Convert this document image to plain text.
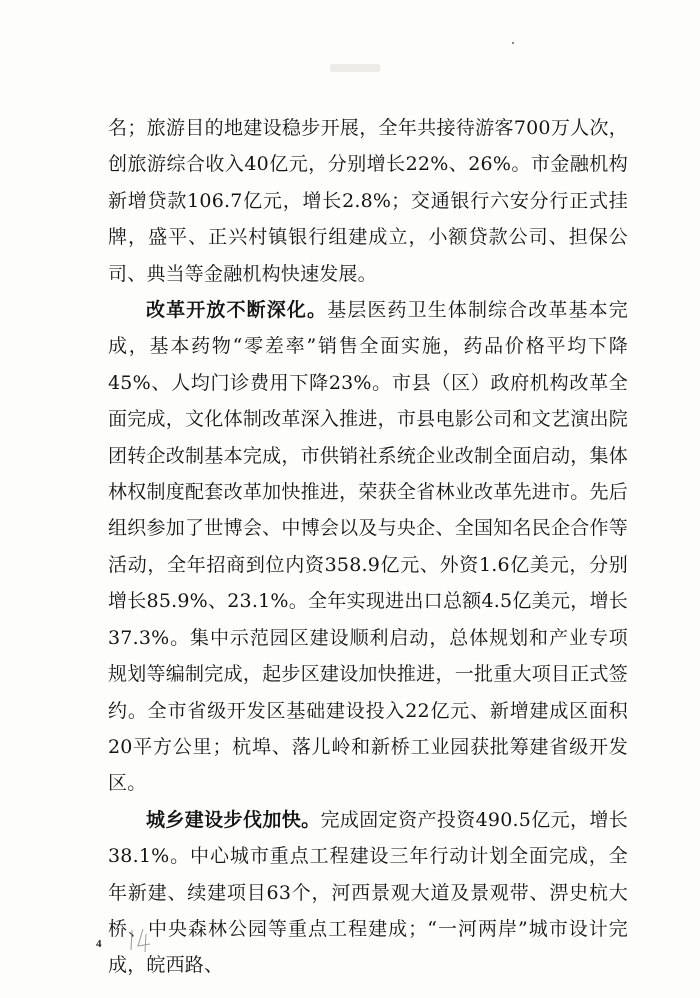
名；旅游目的地建设稳步开展，全年共接待游客700万人次，创旅游综合收入40亿元，分别增长22%、26%。市金融机构新增贷款106.7亿元，增长2.8%；交通银行六安分行正式挂牌，盛平、正兴村镇银行组建成立，小额贷款公司、担保公司、典当等金融机构快速发展。

改革开放不断深化。基层医药卫生体制综合改革基本完成，基本药物“零差率”销售全面实施，药品价格平均下降45%、人均门诊费用下降23%。市县（区）政府机构改革全面完成，文化体制改革深入推进，市县电影公司和文艺演出院团转企改制基本完成，市供销社系统企业改制全面启动，集体林权制度配套改革加快推进，荣获全省林业改革先进市。先后组织参加了世博会、中博会以及与央企、全国知名民企合作等活动，全年招商到位内资358.9亿元、外资1.6亿美元，分别增长85.9%、23.1%。全年实现进出口总额4.5亿美元，增长37.3%。集中示范园区建设顺利启动，总体规划和产业专项规划等编制完成，起步区建设加快推进，一批重大项目正式签约。全市省级开发区基础建设投入22亿元、新增建成区面积20平方公里；杭埠、落儿岭和新桥工业园获批筹建省级开发区。

城乡建设步伐加快。完成固定资产投资490.5亿元，增长38.1%。中心城市重点工程建设三年行动计划全面完成，全年新建、续建项目63个，河西景观大道及景观带、淠史杭大桥、中央森林公园等重点工程建成；“一河两岸”城市设计完成，皖西路、

4
